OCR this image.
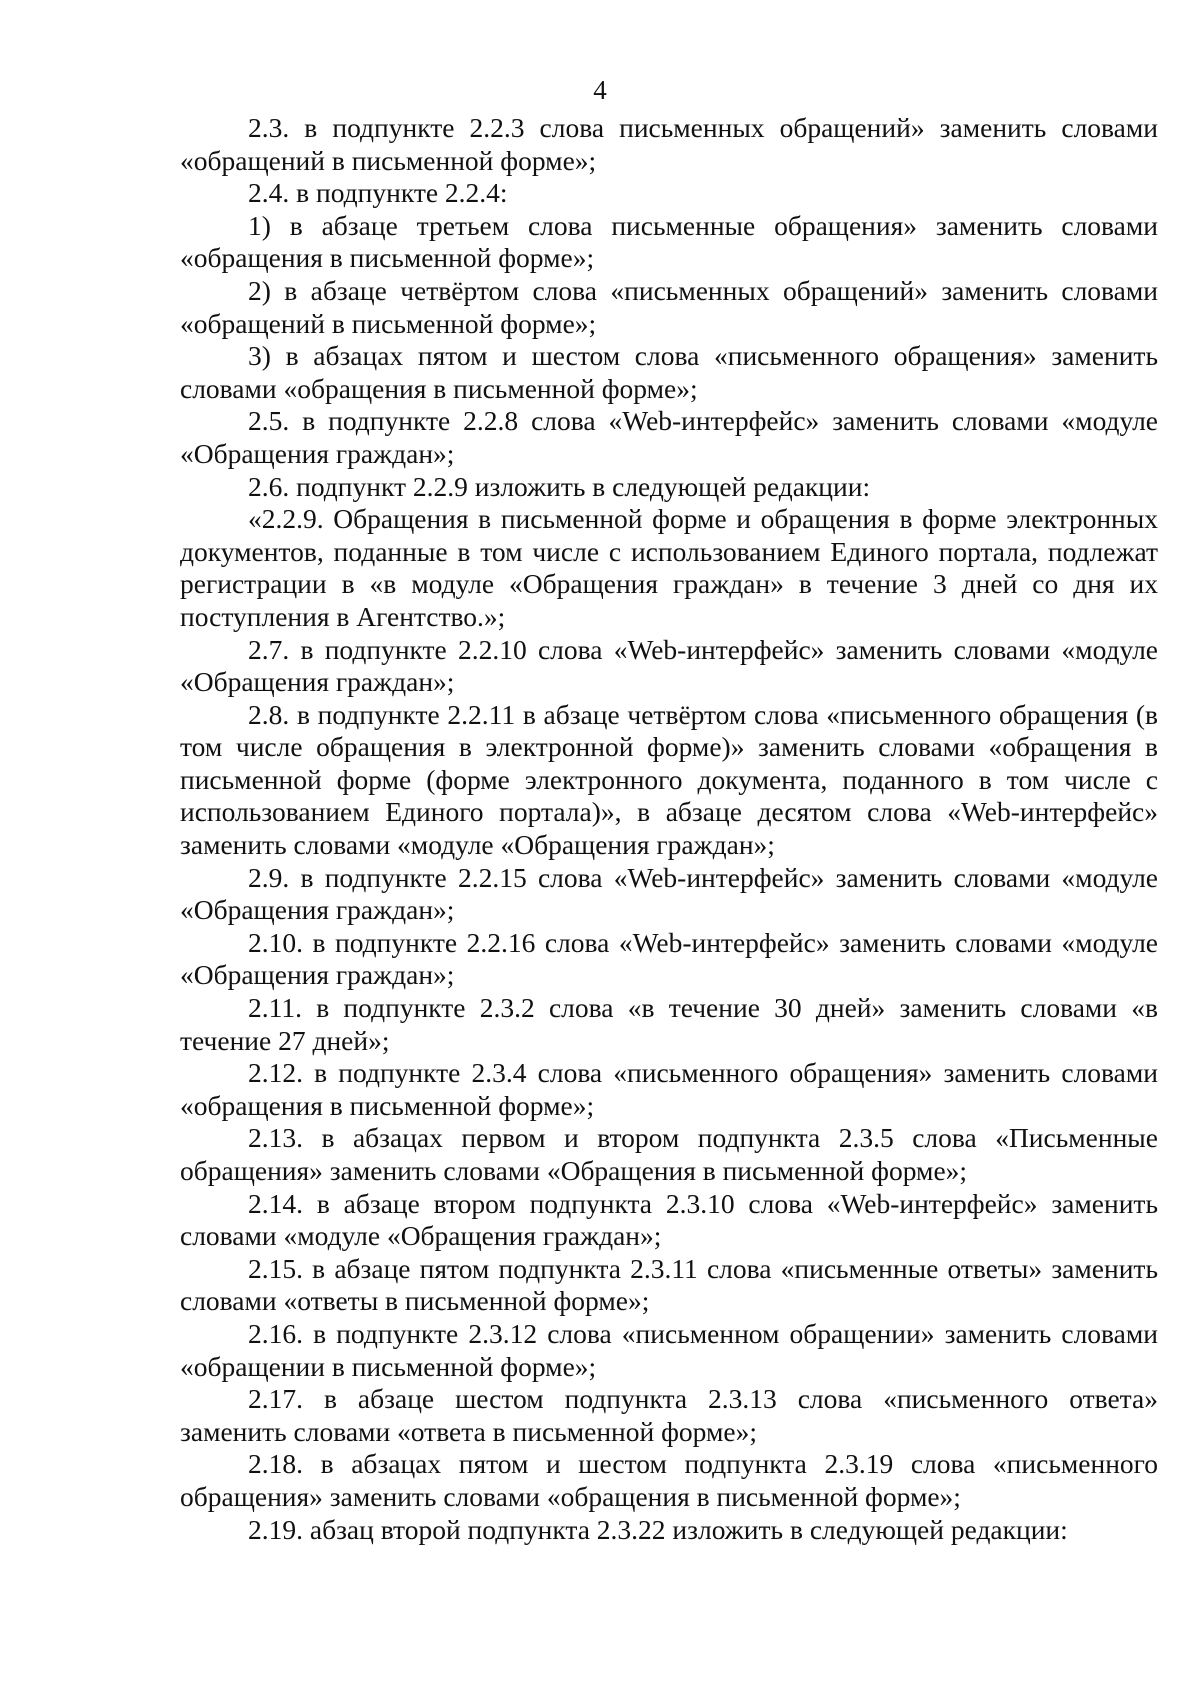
4

2.3. в подпункте 2.2.3 слова письменных обращений» заменить словами «обращений в письменной форме»;

2.4. в подпункте 2.2.4:

1) в абзаце третьем слова письменные обращения» заменить словами «обращения в письменной форме»;

2) в абзаце четвёртом слова «письменных обращений» заменить словами «обращений в письменной форме»;

3) в абзацах пятом и шестом слова «письменного обращения» заменить словами «обращения в письменной форме»;

2.5. в подпункте 2.2.8 слова «Web-интерфейс» заменить словами «модуле «Обращения граждан»;

2.6. подпункт 2.2.9 изложить в следующей редакции:

«2.2.9. Обращения в письменной форме и обращения в форме электронных документов, поданные в том числе с использованием Единого портала, подлежат регистрации в «в модуле «Обращения граждан» в течение 3 дней со дня их поступления в Агентство.»;

2.7. в подпункте 2.2.10 слова «Web-интерфейс» заменить словами «модуле «Обращения граждан»;

2.8. в подпункте 2.2.11 в абзаце четвёртом слова «письменного обращения (в том числе обращения в электронной форме)» заменить словами «обращения в письменной форме (форме электронного документа, поданного в том числе с использованием Единого портала)», в абзаце десятом слова «Web-интерфейс» заменить словами «модуле «Обращения граждан»;

2.9. в подпункте 2.2.15 слова «Web-интерфейс» заменить словами «модуле «Обращения граждан»;

2.10. в подпункте 2.2.16 слова «Web-интерфейс» заменить словами «модуле «Обращения граждан»;

2.11. в подпункте 2.3.2 слова «в течение 30 дней» заменить словами «в течение 27 дней»;

2.12. в подпункте 2.3.4 слова «письменного обращения» заменить словами «обращения в письменной форме»;

2.13. в абзацах первом и втором подпункта 2.3.5 слова «Письменные обращения» заменить словами «Обращения в письменной форме»;

2.14. в абзаце втором подпункта 2.3.10 слова «Web-интерфейс» заменить словами «модуле «Обращения граждан»;

2.15. в абзаце пятом подпункта 2.3.11 слова «письменные ответы» заменить словами «ответы в письменной форме»;

2.16. в подпункте 2.3.12 слова «письменном обращении» заменить словами «обращении в письменной форме»;

2.17. в абзаце шестом подпункта 2.3.13 слова «письменного ответа» заменить словами «ответа в письменной форме»;

2.18. в абзацах пятом и шестом подпункта 2.3.19 слова «письменного обращения» заменить словами «обращения в письменной форме»;

2.19. абзац второй подпункта 2.3.22 изложить в следующей редакции:
